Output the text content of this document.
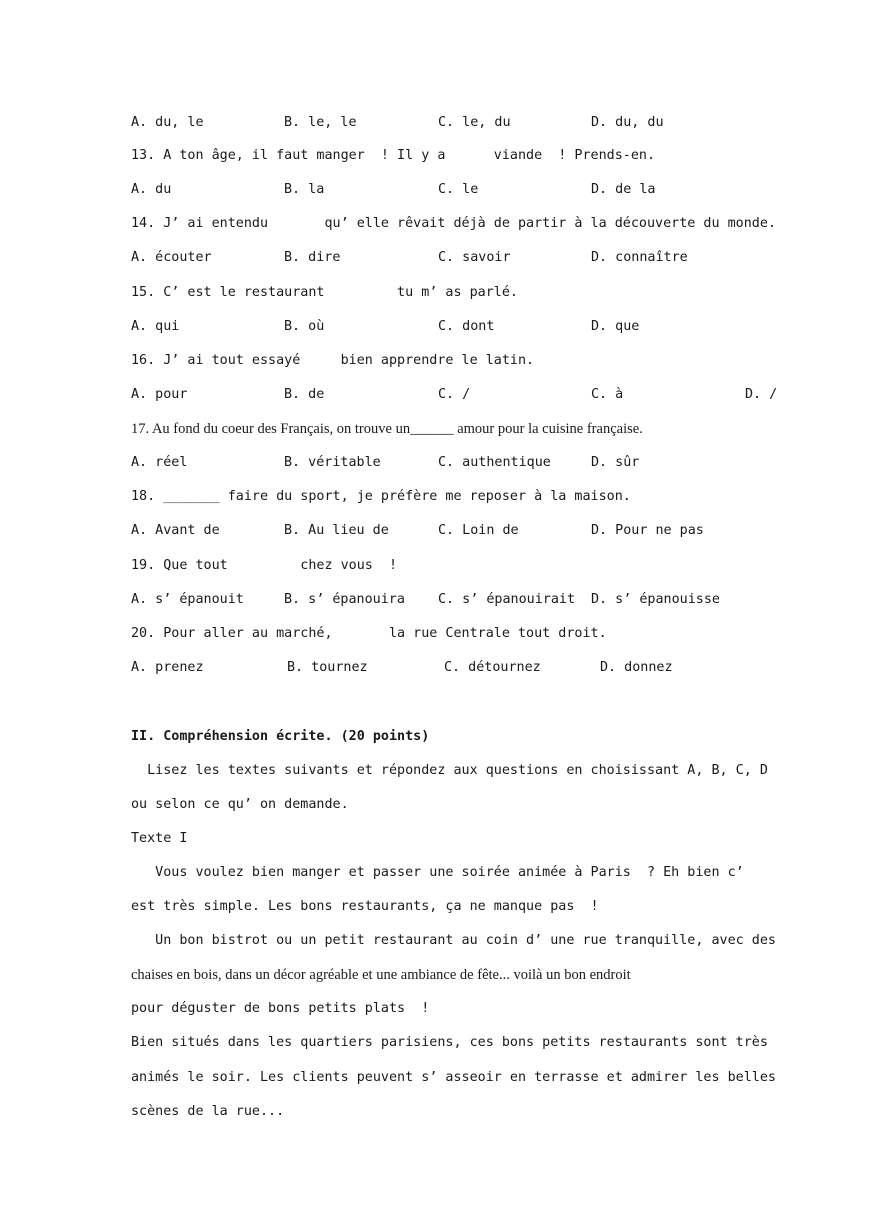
A. du, le	B. le, le	C. le, du	D. du, du
13. A ton âge, il faut manger  ! Il y a      viande  ! Prends-en.
A. du	B. la	C. le	D. de la
14. J’ ai entendu       qu’ elle rêvait déjà de partir à la découverte du monde.
A. écouter	B. dire	C. savoir	D. connaître
15. C’ est le restaurant         tu m’ as parlé.
A. qui	B. où	C. dont	D. que
16. J’ ai tout essayé     bien apprendre le latin.
A. pour	B. de	C. /	C. à	D. /
17. Au fond du coeur des Français, on trouve un______ amour pour la cuisine française.
A. réel	B. véritable	C. authentique	D. sûr
18. _______ faire du sport, je préfère me reposer à la maison.
A. Avant de	B. Au lieu de	C. Loin de	D. Pour ne pas
19. Que tout         chez vous  !
A. s’ épanouit	B. s’ épanouira C. s’ épanouirait D. s’ épanouisse
20. Pour aller au marché,       la rue Centrale tout droit.
A. prenez	B. tournez	C. détournez	D. donnez
II. Compréhension écrite. (20 points)
Lisez les textes suivants et répondez aux questions en choisissant A, B, C, D
ou selon ce qu’ on demande.
Texte I
Vous voulez bien manger et passer une soirée animée à Paris  ? Eh bien c’
est très simple. Les bons restaurants, ça ne manque pas  !
Un bon bistrot ou un petit restaurant au coin d’ une rue tranquille, avec des
chaises en bois, dans un décor agréable et une ambiance de fête... voilà un bon endroit
pour déguster de bons petits plats  !
Bien situés dans les quartiers parisiens, ces bons petits restaurants sont très
animés le soir. Les clients peuvent s’ asseoir en terrasse et admirer les belles
scènes de la rue...
